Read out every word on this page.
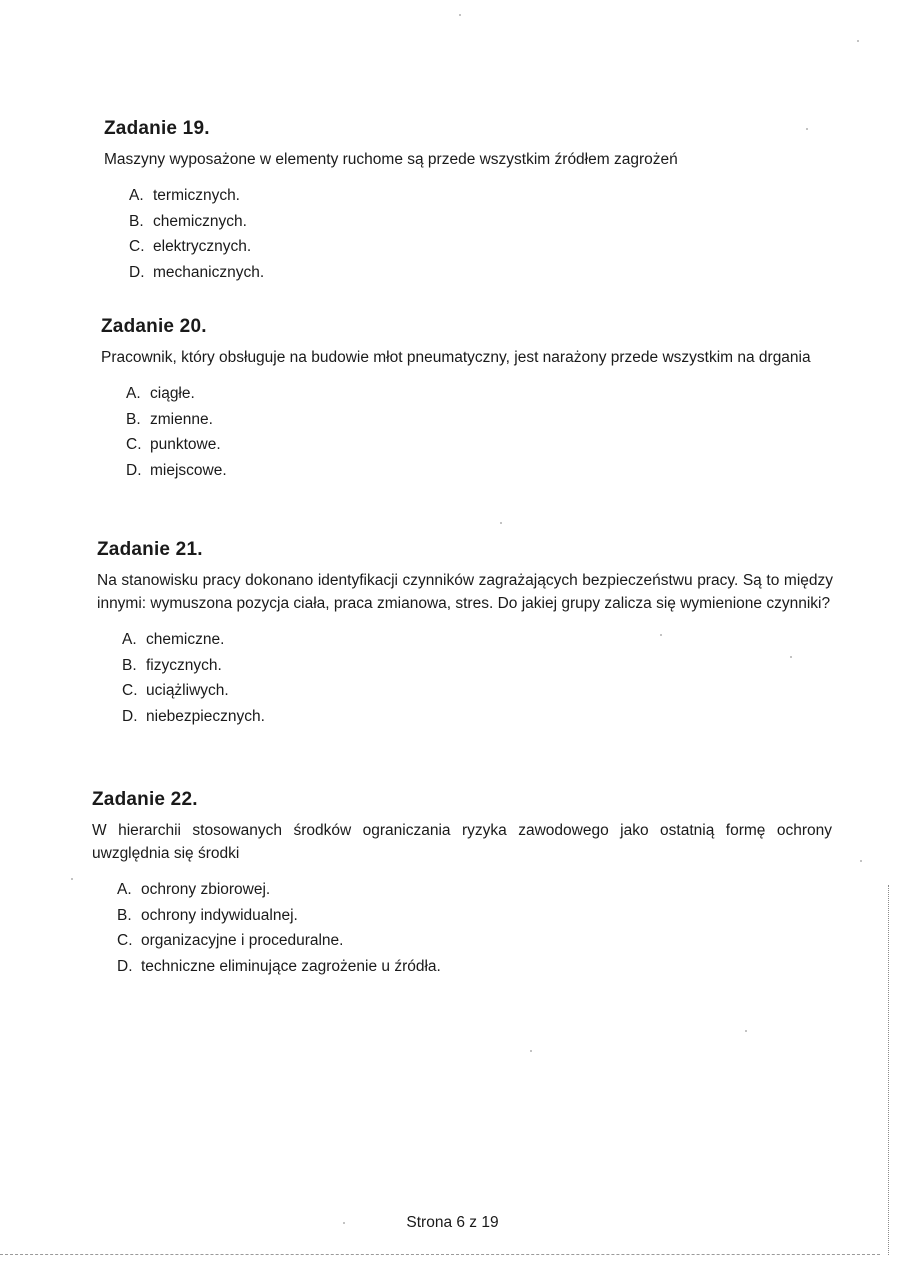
Zadanie 19.
Maszyny wyposażone w elementy ruchome są przede wszystkim źródłem zagrożeń
A. termicznych.
B. chemicznych.
C. elektrycznych.
D. mechanicznych.
Zadanie 20.
Pracownik, który obsługuje na budowie młot pneumatyczny, jest narażony przede wszystkim na drgania
A. ciągłe.
B. zmienne.
C. punktowe.
D. miejscowe.
Zadanie 21.
Na stanowisku pracy dokonano identyfikacji czynników zagrażających bezpieczeństwu pracy. Są to między innymi: wymuszona pozycja ciała, praca zmianowa, stres. Do jakiej grupy zalicza się wymienione czynniki?
A. chemiczne.
B. fizycznych.
C. uciążliwych.
D. niebezpiecznych.
Zadanie 22.
W hierarchii stosowanych środków ograniczania ryzyka zawodowego jako ostatnią formę ochrony uwzględnia się środki
A. ochrony zbiorowej.
B. ochrony indywidualnej.
C. organizacyjne i proceduralne.
D. techniczne eliminujące zagrożenie u źródła.
Strona 6 z 19
